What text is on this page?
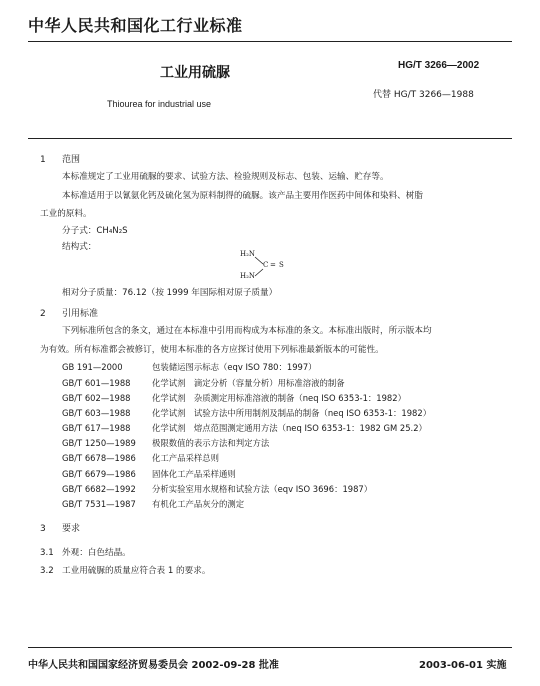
中华人民共和国化工行业标准
工业用硫脲
Thiourea for industrial use
HG/T 3266—2002
代替 HG/T 3266—1988
1 范围
本标准规定了工业用硫脲的要求、试验方法、检验规则及标志、包装、运输、贮存等。
本标准适用于以氰氨化钙及硫化氢为原料制得的硫脲。该产品主要用作医药中间体和染料、树脂
工业的原料。
分子式：CH₄N₂S
结构式：
H₂N
C = S
H₂N
相对分子质量：76.12（按 1999 年国际相对原子质量）
2 引用标准
下列标准所包含的条文，通过在本标准中引用而构成为本标准的条文。本标准出版时，所示版本均
为有效。所有标准都会被修订，使用本标准的各方应探讨使用下列标准最新版本的可能性。
GB 191—2000	包装储运图示标志（eqv ISO 780：1997）
GB/T 601—1988	化学试剂　滴定分析（容量分析）用标准溶液的制备
GB/T 602—1988	化学试剂　杂质测定用标准溶液的制备（neq ISO 6353-1：1982）
GB/T 603—1988	化学试剂　试验方法中所用制剂及制品的制备（neq ISO 6353-1：1982）
GB/T 617—1988	化学试剂　熔点范围测定通用方法（neq ISO 6353-1：1982 GM 25.2）
GB/T 1250—1989 极限数值的表示方法和判定方法
GB/T 6678—1986 化工产品采样总则
GB/T 6679—1986 固体化工产品采样通则
GB/T 6682—1992 分析实验室用水规格和试验方法（eqv ISO 3696：1987）
GB/T 7531—1987 有机化工产品灰分的测定
3 要求
3.1 外观：白色结晶。
3.2 工业用硫脲的质量应符合表 1 的要求。
中华人民共和国国家经济贸易委员会 2002-09-28 批准	2003-06-01 实施
